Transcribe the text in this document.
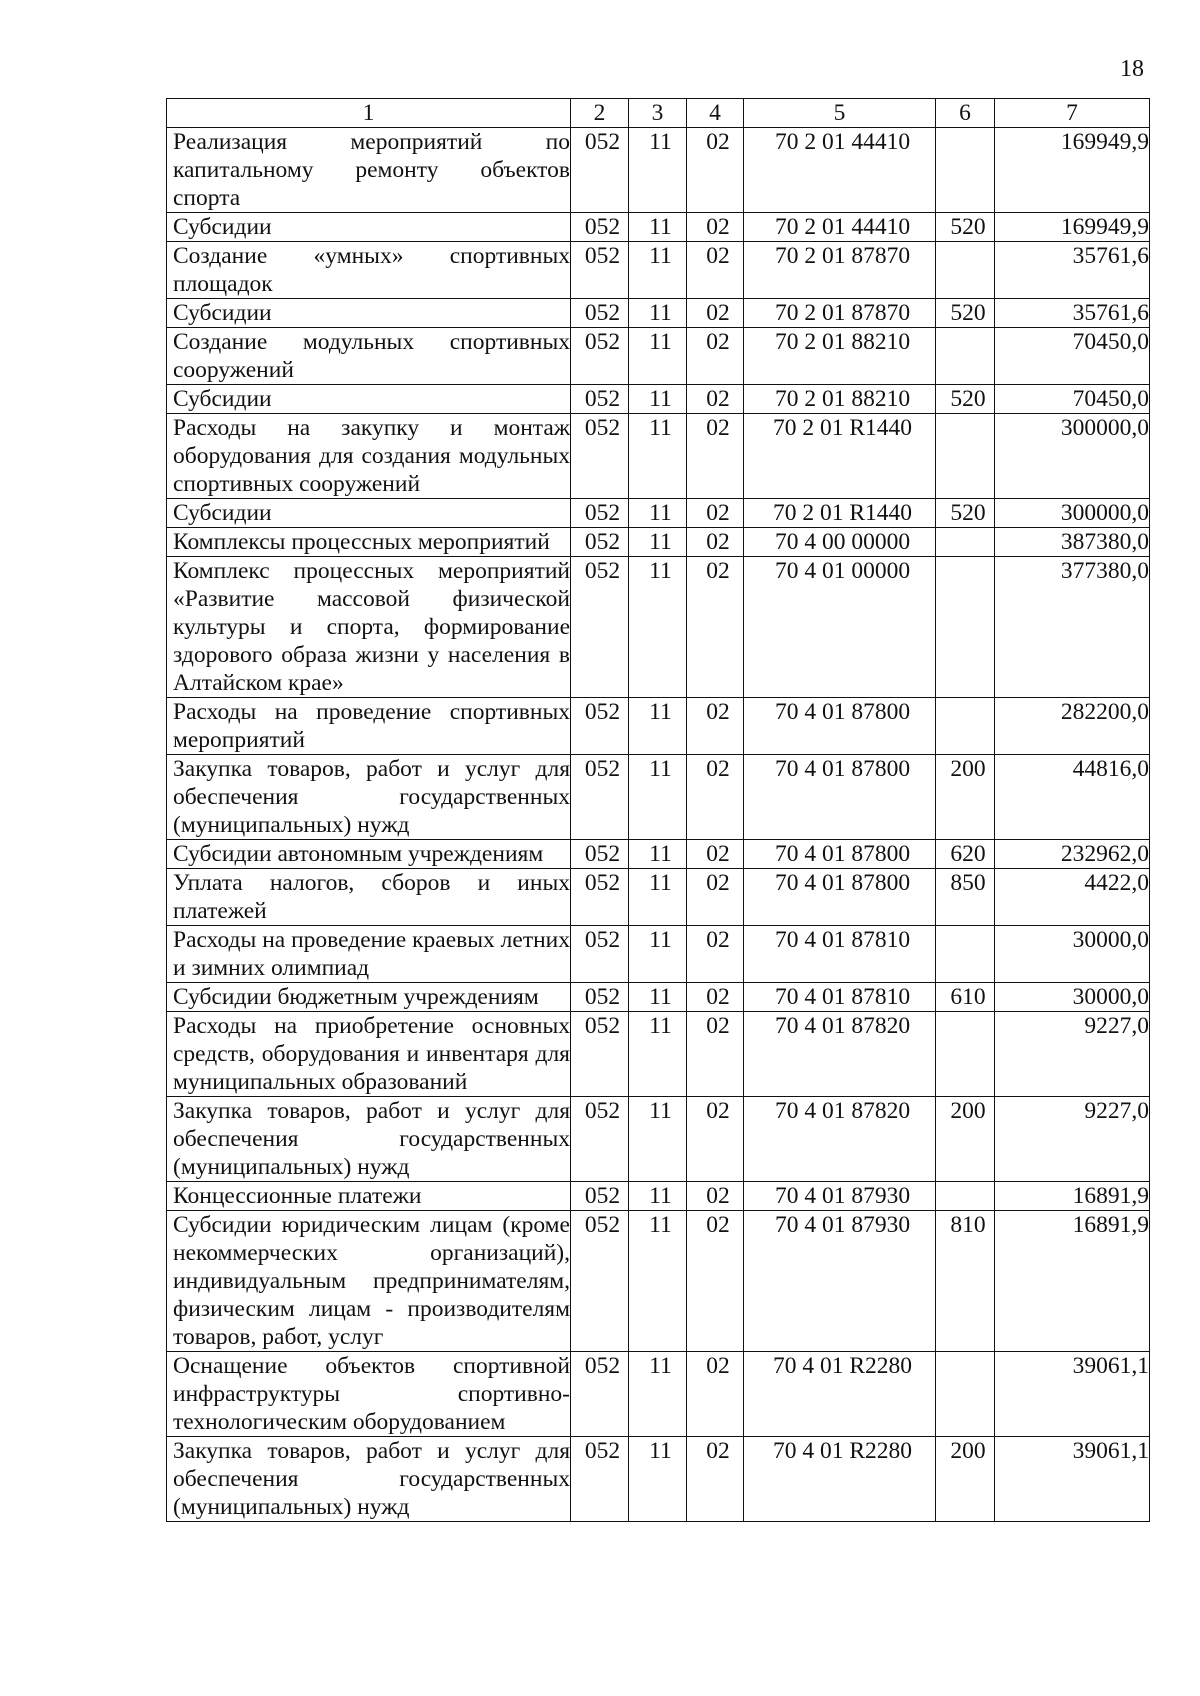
18
1	2	3	4	5	6	7
Реализация мероприятий по капитальному ремонту объектов спорта	052	11	02	70 2 01 44410		169949,9
Субсидии	052	11	02	70 2 01 44410	520	169949,9
Создание «умных» спортивных площадок	052	11	02	70 2 01 87870		35761,6
Субсидии	052	11	02	70 2 01 87870	520	35761,6
Создание модульных спортивных сооружений	052	11	02	70 2 01 88210		70450,0
Субсидии	052	11	02	70 2 01 88210	520	70450,0
Расходы на закупку и монтаж оборудования для создания модульных спортивных сооружений	052	11	02	70 2 01 R1440		300000,0
Субсидии	052	11	02	70 2 01 R1440	520	300000,0
Комплексы процессных мероприятий	052	11	02	70 4 00 00000		387380,0
Комплекс процессных мероприятий «Развитие массовой физической культуры и спорта, формирование здорового образа жизни у населения в Алтайском крае»	052	11	02	70 4 01 00000		377380,0
Расходы на проведение спортивных мероприятий	052	11	02	70 4 01 87800		282200,0
Закупка товаров, работ и услуг для обеспечения государственных (муниципальных) нужд	052	11	02	70 4 01 87800	200	44816,0
Субсидии автономным учреждениям	052	11	02	70 4 01 87800	620	232962,0
Уплата налогов, сборов и иных платежей	052	11	02	70 4 01 87800	850	4422,0
Расходы на проведение краевых летних и зимних олимпиад	052	11	02	70 4 01 87810		30000,0
Субсидии бюджетным учреждениям	052	11	02	70 4 01 87810	610	30000,0
Расходы на приобретение основных средств, оборудования и инвентаря для муниципальных образований	052	11	02	70 4 01 87820		9227,0
Закупка товаров, работ и услуг для обеспечения государственных (муниципальных) нужд	052	11	02	70 4 01 87820	200	9227,0
Концессионные платежи	052	11	02	70 4 01 87930		16891,9
Субсидии юридическим лицам (кроме некоммерческих организаций), индивидуальным предпринимателям, физическим лицам - производителям товаров, работ, услуг	052	11	02	70 4 01 87930	810	16891,9
Оснащение объектов спортивной инфраструктуры спортивно-технологическим оборудованием	052	11	02	70 4 01 R2280		39061,1
Закупка товаров, работ и услуг для обеспечения государственных (муниципальных) нужд	052	11	02	70 4 01 R2280	200	39061,1
